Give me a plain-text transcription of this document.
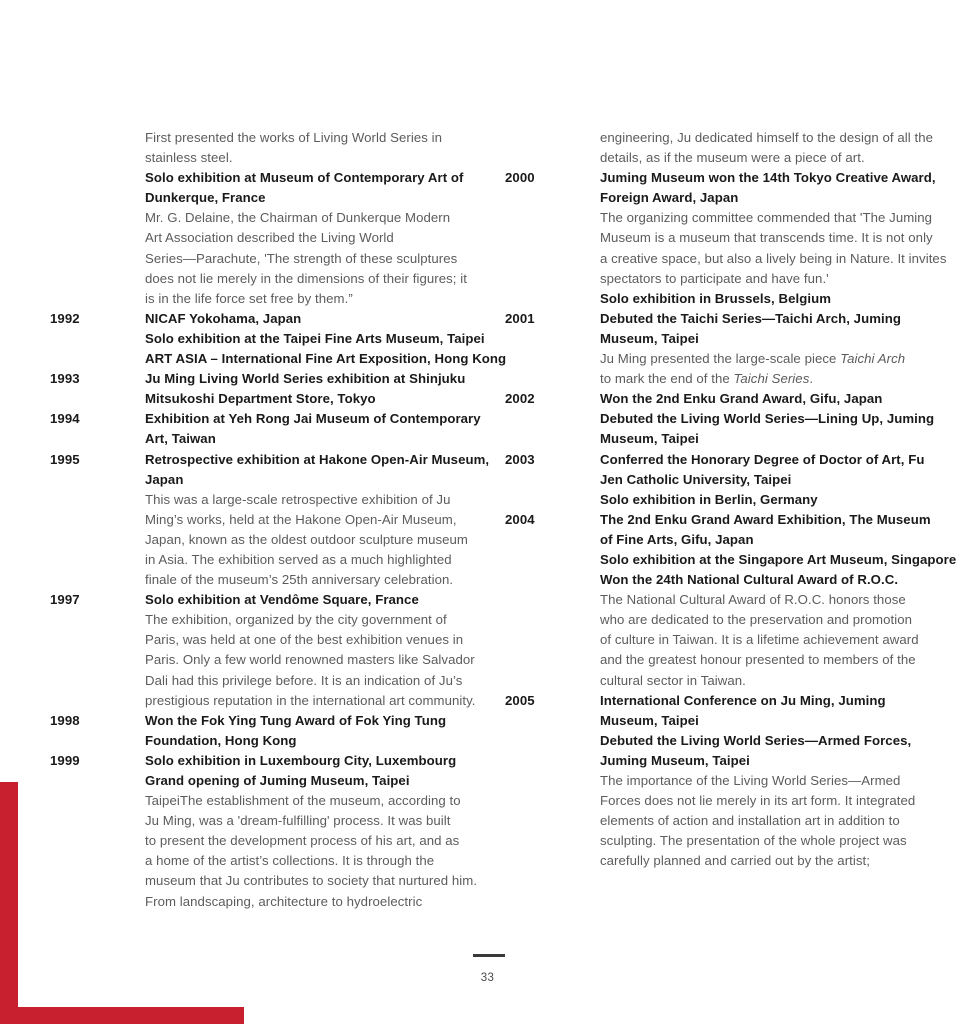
First presented the works of Living World Series in
stainless steel.
Solo exhibition at Museum of Contemporary Art of
Dunkerque, France
Mr. G. Delaine, the Chairman of Dunkerque Modern
Art Association described the Living World
Series—Parachute, 'The strength of these sculptures
does not lie merely in the dimensions of their figures; it
is in the life force set free by them.”
1992	NICAF Yokohama, Japan
Solo exhibition at the Taipei Fine Arts Museum, Taipei
ART ASIA – International Fine Art Exposition, Hong Kong
1993	Ju Ming Living World Series exhibition at Shinjuku
Mitsukoshi Department Store, Tokyo
1994	Exhibition at Yeh Rong Jai Museum of Contemporary
Art, Taiwan
1995	Retrospective exhibition at Hakone Open-Air Museum,
Japan
This was a large-scale retrospective exhibition of Ju
Ming’s works, held at the Hakone Open-Air Museum,
Japan, known as the oldest outdoor sculpture museum
in Asia. The exhibition served as a much highlighted
finale of the museum’s 25th anniversary celebration.
1997	Solo exhibition at Vendôme Square, France
The exhibition, organized by the city government of
Paris, was held at one of the best exhibition venues in
Paris. Only a few world renowned masters like Salvador
Dali had this privilege before. It is an indication of Ju’s
prestigious reputation in the international art community.
1998	Won the Fok Ying Tung Award of Fok Ying Tung
Foundation, Hong Kong
1999	Solo exhibition in Luxembourg City, Luxembourg
Grand opening of Juming Museum, Taipei
TaipeiThe establishment of the museum, according to
Ju Ming, was a 'dream-fulfilling' process. It was built
to present the development process of his art, and as
a home of the artist’s collections. It is through the
museum that Ju contributes to society that nurtured him.
From landscaping, architecture to hydroelectric
engineering, Ju dedicated himself to the design of all the
details, as if the museum were a piece of art.
2000	Juming Museum won the 14th Tokyo Creative Award,
Foreign Award, Japan
The organizing committee commended that 'The Juming
Museum is a museum that transcends time. It is not only
a creative space, but also a lively being in Nature. It invites
spectators to participate and have fun.'
Solo exhibition in Brussels, Belgium
2001	Debuted the Taichi Series—Taichi Arch, Juming
Museum, Taipei
Ju Ming presented the large-scale piece Taichi Arch
to mark the end of the Taichi Series.
2002	Won the 2nd Enku Grand Award, Gifu, Japan
Debuted the Living World Series—Lining Up, Juming
Museum, Taipei
2003	Conferred the Honorary Degree of Doctor of Art, Fu
Jen Catholic University, Taipei
Solo exhibition in Berlin, Germany
2004	The 2nd Enku Grand Award Exhibition, The Museum
of Fine Arts, Gifu, Japan
Solo exhibition at the Singapore Art Museum, Singapore
Won the 24th National Cultural Award of R.O.C.
The National Cultural Award of R.O.C. honors those
who are dedicated to the preservation and promotion
of culture in Taiwan. It is a lifetime achievement award
and the greatest honour presented to members of the
cultural sector in Taiwan.
2005	International Conference on Ju Ming, Juming
Museum, Taipei
Debuted the Living World Series—Armed Forces,
Juming Museum, Taipei
The importance of the Living World Series—Armed
Forces does not lie merely in its art form. It integrated
elements of action and installation art in addition to
sculpting. The presentation of the whole project was
carefully planned and carried out by the artist;
33
